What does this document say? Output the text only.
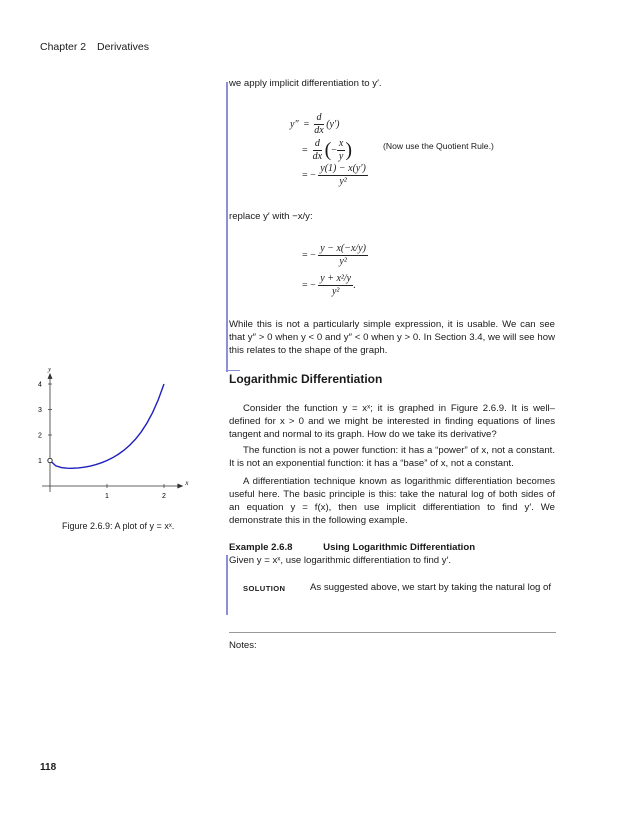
Chapter 2 Derivatives
we apply implicit differentiation to y′.
$y'' = \frac{d}{dx} (y')$
= $\frac{d}{dx}$ (− $\frac{x}{y}$ )	(Now use the Quotient Rule.)
= − $\frac{y(1) - x(y')}{\text{y²}}$
replace y′ with −x/y:
= − $\frac{y - x(-x/y)}{\text{y²}}$
= − $\frac{\text{y + x²/y}}{\text{y²}}$ .
While this is not a particularly simple expression, it is usable. We can see that y″ > 0 when y < 0 and y″ < 0 when y > 0. In Section 3.4, we will see how this relates to the shape of the graph.
Logarithmic Differentiation
Consider the function y = xˣ; it is graphed in Figure 2.6.9. It is well–defined for x > 0 and we might be interested in finding equations of lines tangent and normal to its graph. How do we take its derivative?
The function is not a power function: it has a “power” of x, not a constant. It is not an exponential function: it has a “base” of x, not a constant.
A differentiation technique known as logarithmic differentiation becomes useful here. The basic principle is this: take the natural log of both sides of an equation y = f(x), then use implicit differentiation to find y′. We demonstrate this in the following example.
Example 2.6.8	Using Logarithmic Differentiation
Given y = xˣ, use logarithmic differentiation to find y′.
SOLUTION	As suggested above, we start by taking the natural log of
Notes:
x
y
1	2
1
2
3
4
Figure 2.6.9: A plot of y = xˣ.
118
